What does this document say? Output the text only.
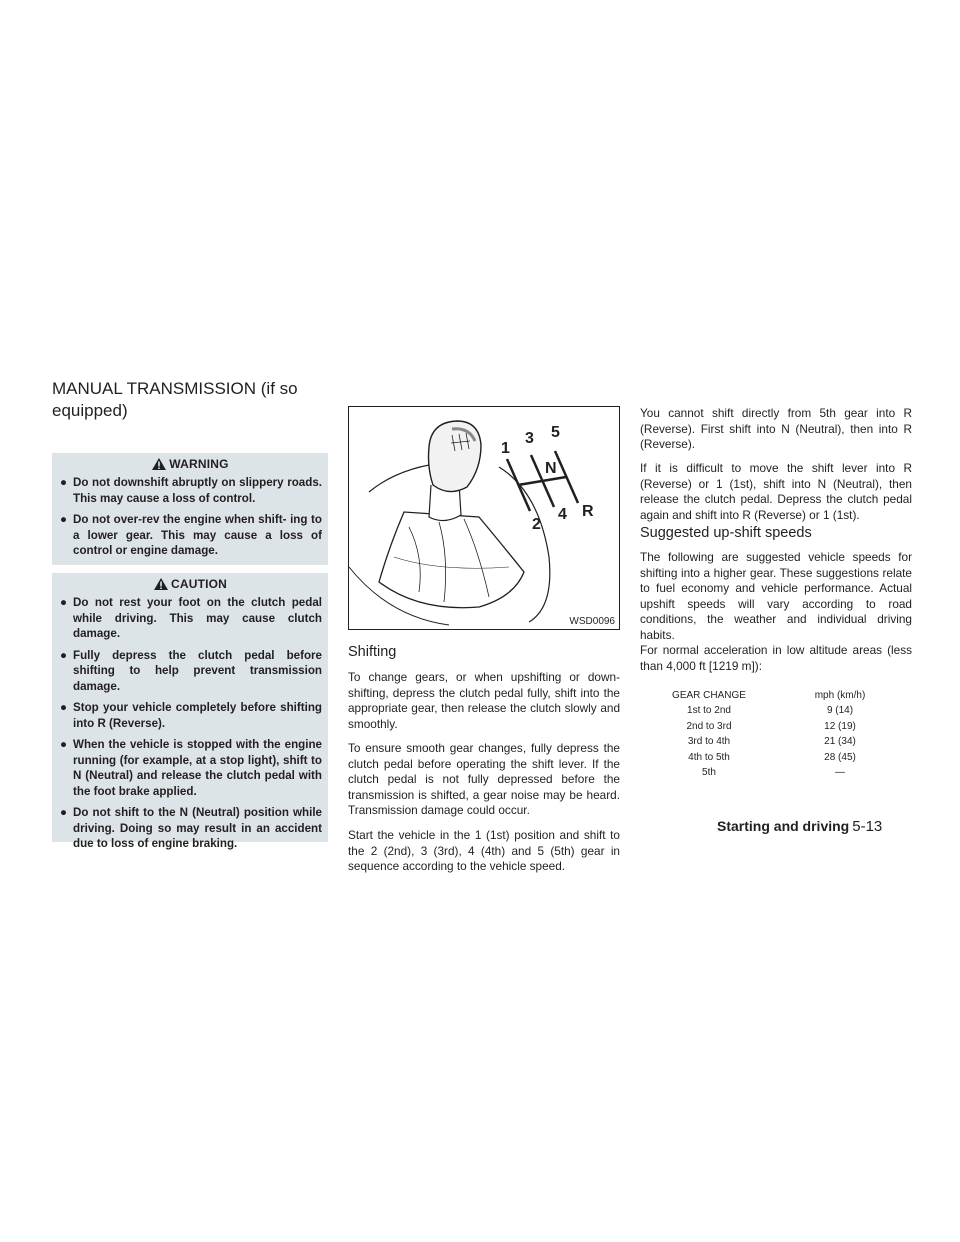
MANUAL TRANSMISSION (if so equipped)
WARNING
● Do not downshift abruptly on slippery roads. This may cause a loss of control.
● Do not over-rev the engine when shift- ing to a lower gear. This may cause a loss of control or engine damage.
CAUTION
● Do not rest your foot on the clutch pedal while driving. This may cause clutch damage.
● Fully depress the clutch pedal before shifting to help prevent transmission damage.
● Stop your vehicle completely before shifting into R (Reverse).
● When the vehicle is stopped with the engine running (for example, at a stop light), shift to N (Neutral) and release the clutch pedal with the foot brake applied.
● Do not shift to the N (Neutral) position while driving. Doing so may result in an accident due to loss of engine braking.
1
3 5
N
2
4 R
WSD0096
Shifting

To change gears, or when upshifting or down- shifting, depress the clutch pedal fully, shift into the appropriate gear, then release the clutch slowly and smoothly.

To ensure smooth gear changes, fully depress the clutch pedal before operating the shift lever. If the clutch pedal is not fully depressed before the transmission is shifted, a gear noise may be heard. Transmission damage could occur.

Start the vehicle in the 1 (1st) position and shift to the 2 (2nd), 3 (3rd), 4 (4th) and 5 (5th) gear in sequence according to the vehicle speed.

You cannot shift directly from 5th gear into R (Reverse). First shift into N (Neutral), then into R (Reverse).

If it is difficult to move the shift lever into R (Reverse) or 1 (1st), shift into N (Neutral), then release the clutch pedal. Depress the clutch pedal again and shift into R (Reverse) or 1 (1st).

Suggested up-shift speeds

The following are suggested vehicle speeds for shifting into a higher gear. These suggestions relate to fuel economy and vehicle performance. Actual upshift speeds will vary according to road conditions, the weather and individual driving habits.

For normal acceleration in low altitude areas (less than 4,000 ft [1219 m]):

GEAR CHANGE	mph (km/h)
1st to 2nd	9 (14)
2nd to 3rd	12 (19)
3rd to 4th	21 (34)
4th to 5th	28 (45)
5th	—
Starting and driving 5-13
